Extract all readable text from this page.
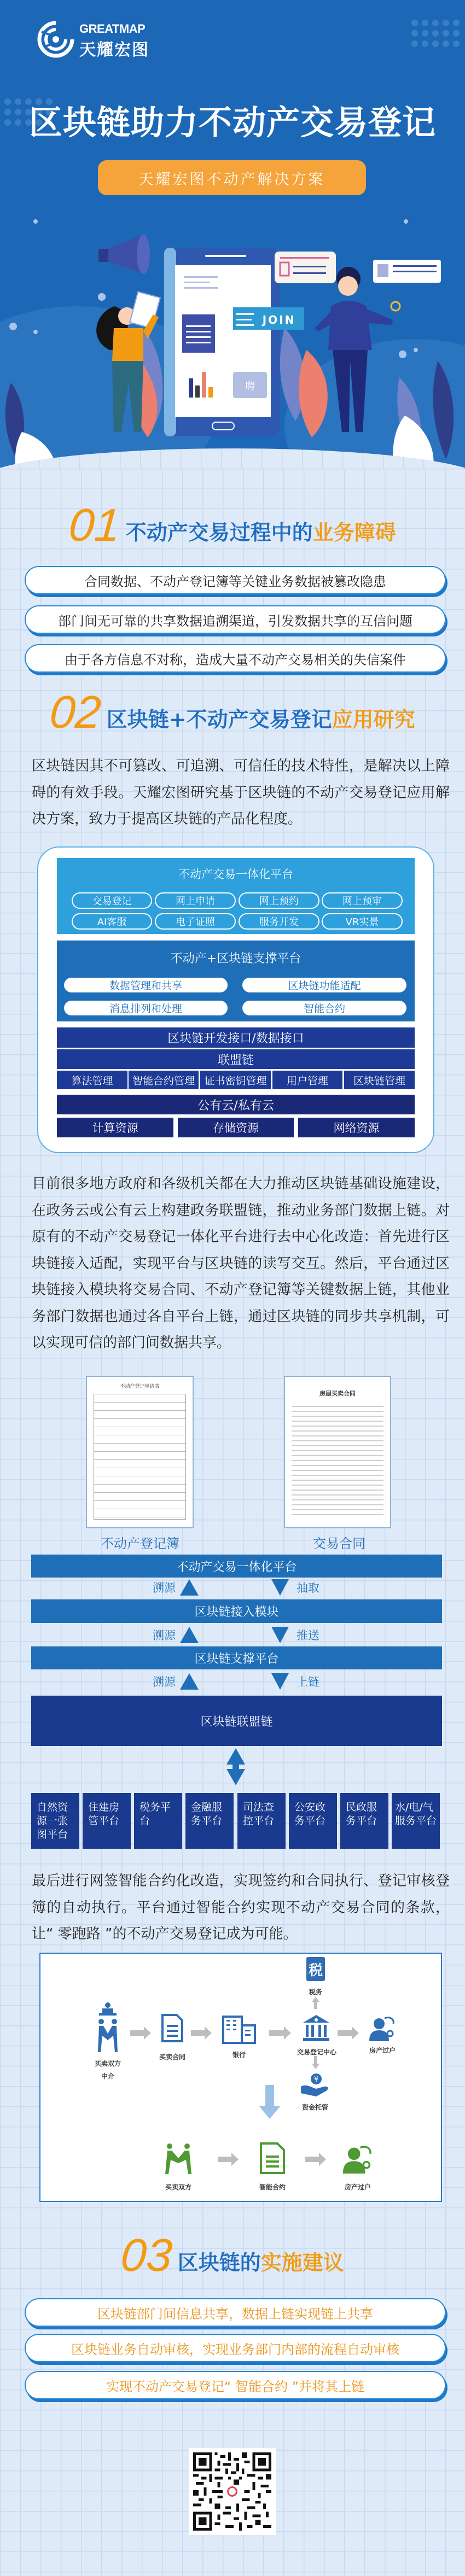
GREATMAP
天耀宏图
区块链助力不动产交易登记
天耀宏图不动产解决方案
聘
JOIN
01 不动产交易过程中的 业务障碍
合同数据、不动产登记簿等关键业务数据被篡改隐患
部门间无可靠的共享数据追溯渠道，引发数据共享的互信问题
由于各方信息不对称，造成大量不动产交易相关的失信案件
02 区块链+不动产交易登记 应用研究

区块链因其不可篡改、可追溯、可信任的技术特性，是解决以上障碍的有效手段。天耀宏图研究基于区块链的不动产交易登记应用解决方案，致力于提高区块链的产品化程度。

不动产交易一体化平台
交易登记	网上申请	网上预约	网上预审
AI客服	电子证照	服务开发	VR实景
不动产+区块链支撑平台
数据管理和共享	区块链功能适配
消息排列和处理	智能合约
区块链开发接口/数据接口
联盟链
算法管理	智能合约管理 证书密钥管理	用户管理	区块链管理
公有云/私有云
计算资源	存储资源	网络资源

目前很多地方政府和各级机关都在大力推动区块链基础设施建设，在政务云或公有云上构建政务联盟链，推动业务部门数据上链。对原有的不动产交易登记一体化平台进行去中心化改造：首先进行区块链接入适配，实现平台与区块链的读写交互。然后，平台通过区块链接入模块将交易合同、不动产登记簿等关键数据上链，其他业务部门数据也通过各自平台上链，通过区块链的同步共享机制，可以实现可信的部门间数据共享。

不动产登记申请表
房屋买卖合同
不动产登记簿	交易合同
不动产交易一体化平台
区块链接入模块
区块链支撑平台
区块链联盟链
溯源	抽取
溯源	推送
溯源	上链
自然资源一张图平台
住建房管平台
税务平台
金融服务平台
司法查控平台
公安政务平台
民政服务平台
水/电/气服务平台

最后进行网签智能合约化改造，实现签约和合同执行、登记审核登簿的自动执行。平台通过智能合约实现不动产交易合同的条款，让“ 零跑路 ”的不动产交易登记成为可能。

买卖双方
中介
买卖合同	银行	交易登记中心
税
税务
¥
资金托管
房产过户
买卖双方	智能合约	房产过户
03 区块链的 实施建议
区块链部门间信息共享，数据上链实现链上共享
区块链业务自动审核，实现业务部门内部的流程自动审核
实现不动产交易登记“ 智能合约 ”并将其上链
